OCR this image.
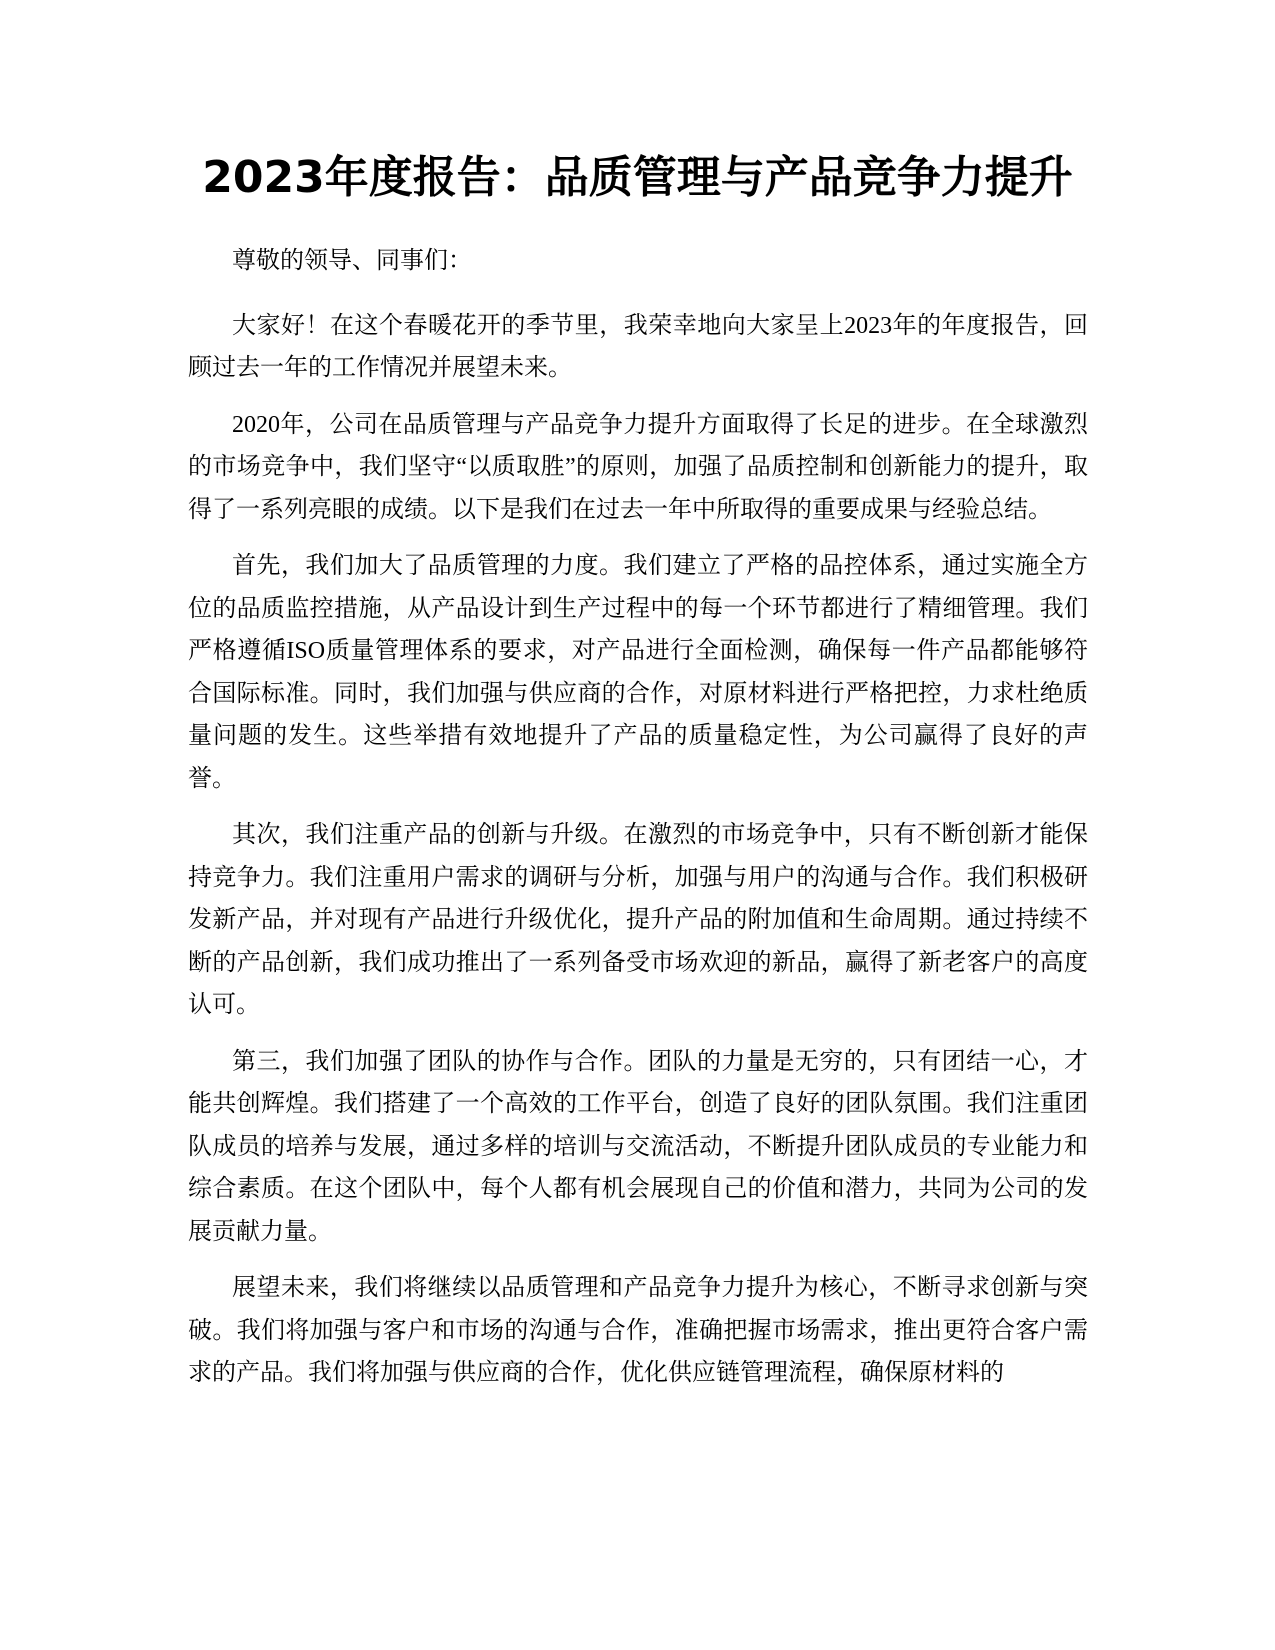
2023年度报告：品质管理与产品竞争力提升

尊敬的领导、同事们：

大家好！在这个春暖花开的季节里，我荣幸地向大家呈上2023年的年度报告，回顾过去一年的工作情况并展望未来。

2020年，公司在品质管理与产品竞争力提升方面取得了长足的进步。在全球激烈的市场竞争中，我们坚守“以质取胜”的原则，加强了品质控制和创新能力的提升，取得了一系列亮眼的成绩。以下是我们在过去一年中所取得的重要成果与经验总结。

首先，我们加大了品质管理的力度。我们建立了严格的品控体系，通过实施全方位的品质监控措施，从产品设计到生产过程中的每一个环节都进行了精细管理。我们严格遵循ISO质量管理体系的要求，对产品进行全面检测，确保每一件产品都能够符合国际标准。同时，我们加强与供应商的合作，对原材料进行严格把控，力求杜绝质量问题的发生。这些举措有效地提升了产品的质量稳定性，为公司赢得了良好的声誉。

其次，我们注重产品的创新与升级。在激烈的市场竞争中，只有不断创新才能保持竞争力。我们注重用户需求的调研与分析，加强与用户的沟通与合作。我们积极研发新产品，并对现有产品进行升级优化，提升产品的附加值和生命周期。通过持续不断的产品创新，我们成功推出了一系列备受市场欢迎的新品，赢得了新老客户的高度认可。

第三，我们加强了团队的协作与合作。团队的力量是无穷的，只有团结一心，才能共创辉煌。我们搭建了一个高效的工作平台，创造了良好的团队氛围。我们注重团队成员的培养与发展，通过多样的培训与交流活动，不断提升团队成员的专业能力和综合素质。在这个团队中，每个人都有机会展现自己的价值和潜力，共同为公司的发展贡献力量。

展望未来，我们将继续以品质管理和产品竞争力提升为核心，不断寻求创新与突破。我们将加强与客户和市场的沟通与合作，准确把握市场需求，推出更符合客户需求的产品。我们将加强与供应商的合作，优化供应链管理流程，确保原材料的
